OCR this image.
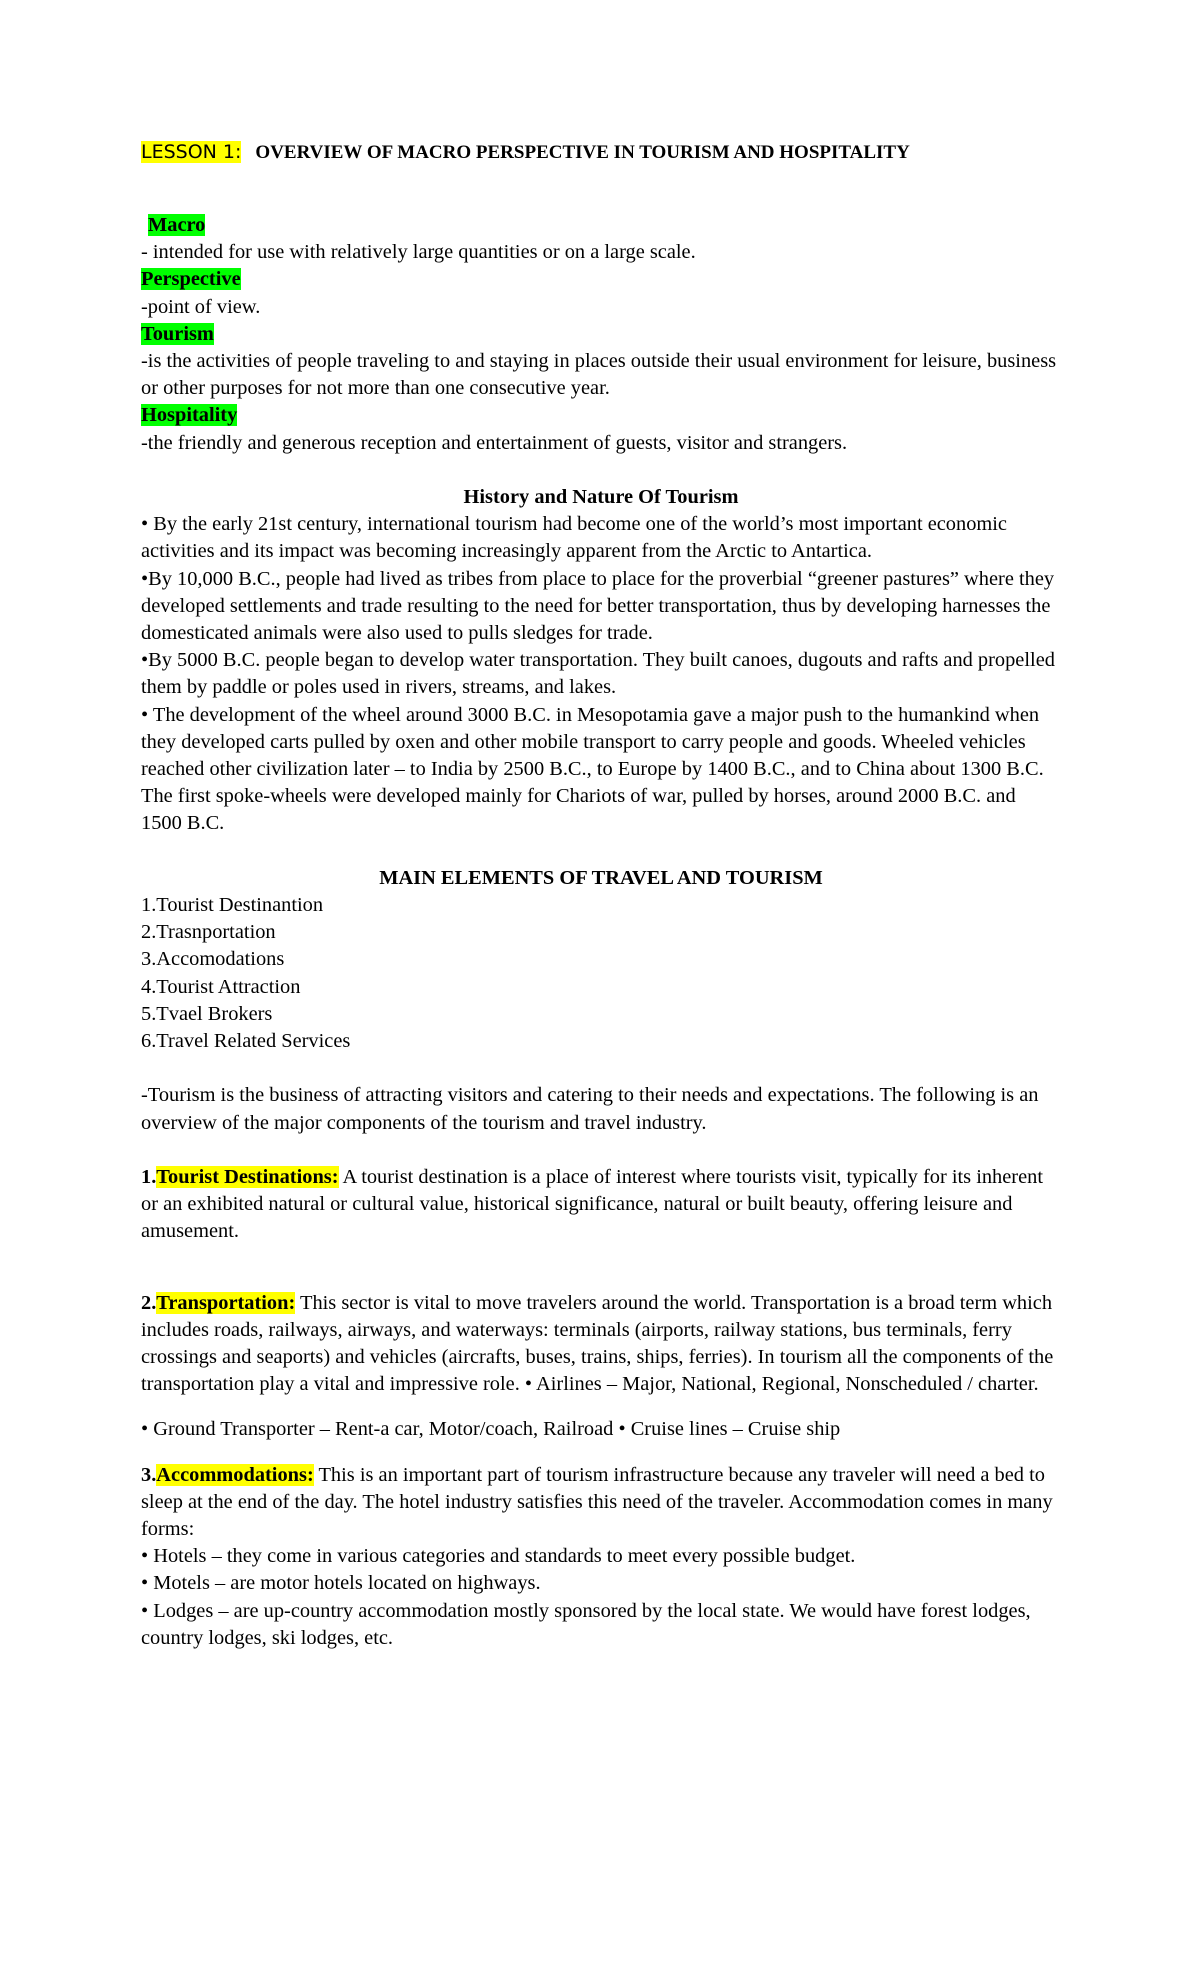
LESSON 1: OVERVIEW OF MACRO PERSPECTIVE IN TOURISM AND HOSPITALITY

Macro

- intended for use with relatively large quantities or on a large scale.

Perspective

-point of view.

Tourism

-is the activities of people traveling to and staying in places outside their usual environment for leisure, business or other purposes for not more than one consecutive year.

Hospitality

-the friendly and generous reception and entertainment of guests, visitor and strangers.

History and Nature Of Tourism

• By the early 21st century, international tourism had become one of the world’s most important economic activities and its impact was becoming increasingly apparent from the Arctic to Antartica.

•By 10,000 B.C., people had lived as tribes from place to place for the proverbial “greener pastures” where they developed settlements and trade resulting to the need for better transportation, thus by developing harnesses the domesticated animals were also used to pulls sledges for trade.

•By 5000 B.C. people began to develop water transportation. They built canoes, dugouts and rafts and propelled them by paddle or poles used in rivers, streams, and lakes.

• The development of the wheel around 3000 B.C. in Mesopotamia gave a major push to the humankind when they developed carts pulled by oxen and other mobile transport to carry people and goods. Wheeled vehicles reached other civilization later – to India by 2500 B.C., to Europe by 1400 B.C., and to China about 1300 B.C. The first spoke-wheels were developed mainly for Chariots of war, pulled by horses, around 2000 B.C. and 1500 B.C.

MAIN ELEMENTS OF TRAVEL AND TOURISM

1.Tourist Destinantion

2.Trasnportation

3.Accomodations

4.Tourist Attraction

5.Tvael Brokers

6.Travel Related Services

-Tourism is the business of attracting visitors and catering to their needs and expectations. The following is an overview of the major components of the tourism and travel industry.

1.Tourist Destinations: A tourist destination is a place of interest where tourists visit, typically for its inherent or an exhibited natural or cultural value, historical significance, natural or built beauty, offering leisure and amusement.

2.Transportation: This sector is vital to move travelers around the world. Transportation is a broad term which includes roads, railways, airways, and waterways: terminals (airports, railway stations, bus terminals, ferry crossings and seaports) and vehicles (aircrafts, buses, trains, ships, ferries). In tourism all the components of the transportation play a vital and impressive role. • Airlines – Major, National, Regional, Nonscheduled / charter.

• Ground Transporter – Rent-a car, Motor/coach, Railroad • Cruise lines – Cruise ship

3.Accommodations: This is an important part of tourism infrastructure because any traveler will need a bed to sleep at the end of the day. The hotel industry satisfies this need of the traveler. Accommodation comes in many forms:

• Hotels – they come in various categories and standards to meet every possible budget.

• Motels – are motor hotels located on highways.

• Lodges – are up-country accommodation mostly sponsored by the local state. We would have forest lodges, country lodges, ski lodges, etc.
